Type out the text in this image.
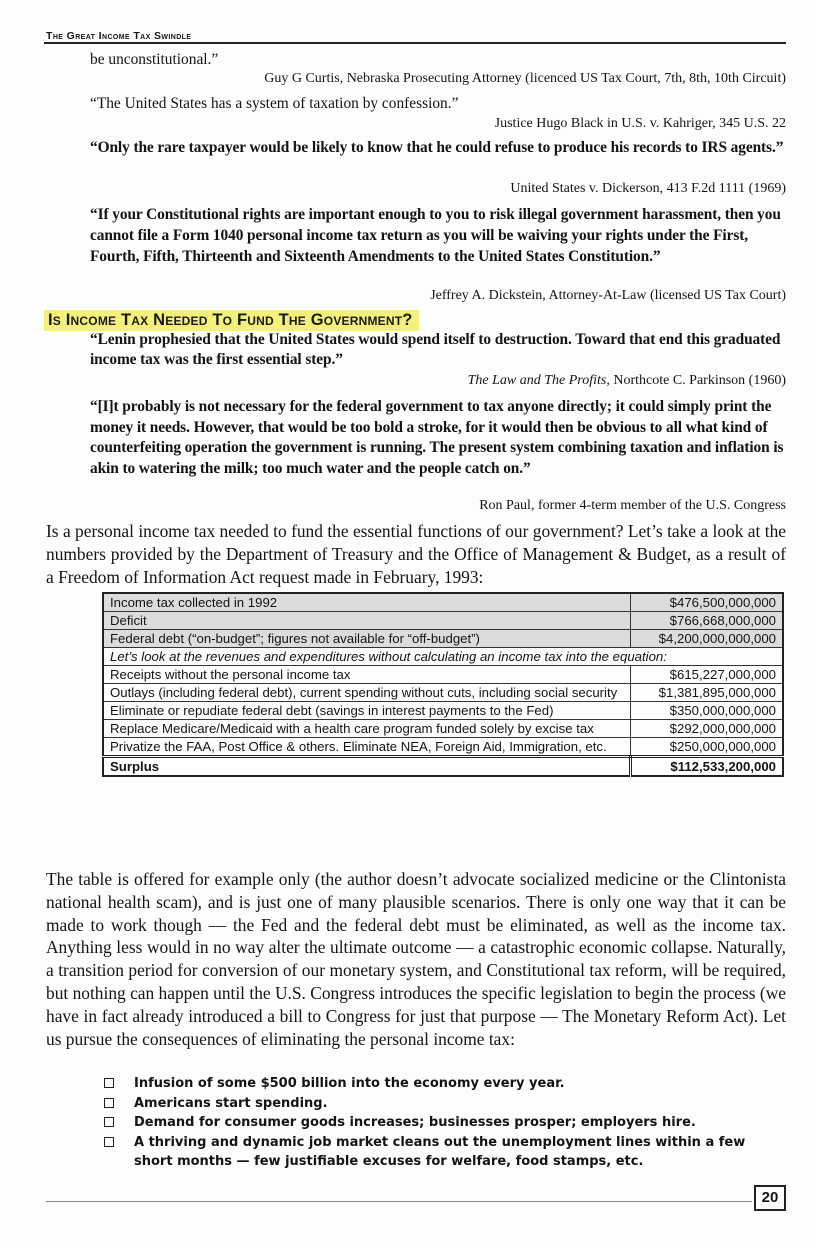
The Great Income Tax Swindle
be unconstitutional.”
Guy G Curtis, Nebraska Prosecuting Attorney (licenced US Tax Court, 7th, 8th, 10th Circuit)
“The United States has a system of taxation by confession.”
Justice Hugo Black in U.S. v. Kahriger, 345 U.S. 22
“Only the rare taxpayer would be likely to know that he could refuse to produce his records to IRS agents.”
United States v. Dickerson, 413 F.2d 1111 (1969)
“If your Constitutional rights are important enough to you to risk illegal government harassment, then you cannot file a Form 1040 personal income tax return as you will be waiving your rights under the First, Fourth, Fifth, Thirteenth and Sixteenth Amendments to the United States Constitution.”
Jeffrey A. Dickstein, Attorney-At-Law (licensed US Tax Court)
Is Income Tax Needed To Fund The Government?
“Lenin prophesied that the United States would spend itself to destruction. Toward that end this graduated income tax was the first essential step.”
The Law and The Profits, Northcote C. Parkinson (1960)
“[I]t probably is not necessary for the federal government to tax anyone directly; it could simply print the money it needs. However, that would be too bold a stroke, for it would then be obvious to all what kind of counterfeiting operation the government is running. The present system combining taxation and inflation is akin to watering the milk; too much water and the people catch on.”
Ron Paul, former 4-term member of the U.S. Congress
Is a personal income tax needed to fund the essential functions of our government? Let’s take a look at the numbers provided by the Department of Treasury and the Office of Management & Budget, as a result of a Freedom of Information Act request made in February, 1993:
Income tax collected in 1992	$476,500,000,000
Deficit	$766,668,000,000
Federal debt (“on-budget”; figures not available for “off-budget”)	$4,200,000,000,000
Let’s look at the revenues and expenditures without calculating an income tax into the equation:	
Receipts without the personal income tax	$615,227,000,000
Outlays (including federal debt), current spending without cuts, including social security	$1,381,895,000,000
Eliminate or repudiate federal debt (savings in interest payments to the Fed)	$350,000,000,000
Replace Medicare/Medicaid with a health care program funded solely by excise tax	$292,000,000,000
Privatize the FAA, Post Office & others. Eliminate NEA, Foreign Aid, Immigration, etc.	$250,000,000,000
Surplus	$112,533,200,000
The table is offered for example only (the author doesn’t advocate socialized medicine or the Clintonista national health scam), and is just one of many plausible scenarios. There is only one way that it can be made to work though — the Fed and the federal debt must be eliminated, as well as the income tax. Anything less would in no way alter the ultimate outcome — a catastrophic economic collapse. Naturally, a transition period for conversion of our monetary system, and Constitutional tax reform, will be required, but nothing can happen until the U.S. Congress introduces the specific legislation to begin the process (we have in fact already introduced a bill to Congress for just that purpose — The Monetary Reform Act). Let us pursue the consequences of eliminating the personal income tax:
Infusion of some $500 billion into the economy every year.
Americans start spending.
Demand for consumer goods increases; businesses prosper; employers hire.
A thriving and dynamic job market cleans out the unemployment lines within a few short months — few justifiable excuses for welfare, food stamps, etc.
20
